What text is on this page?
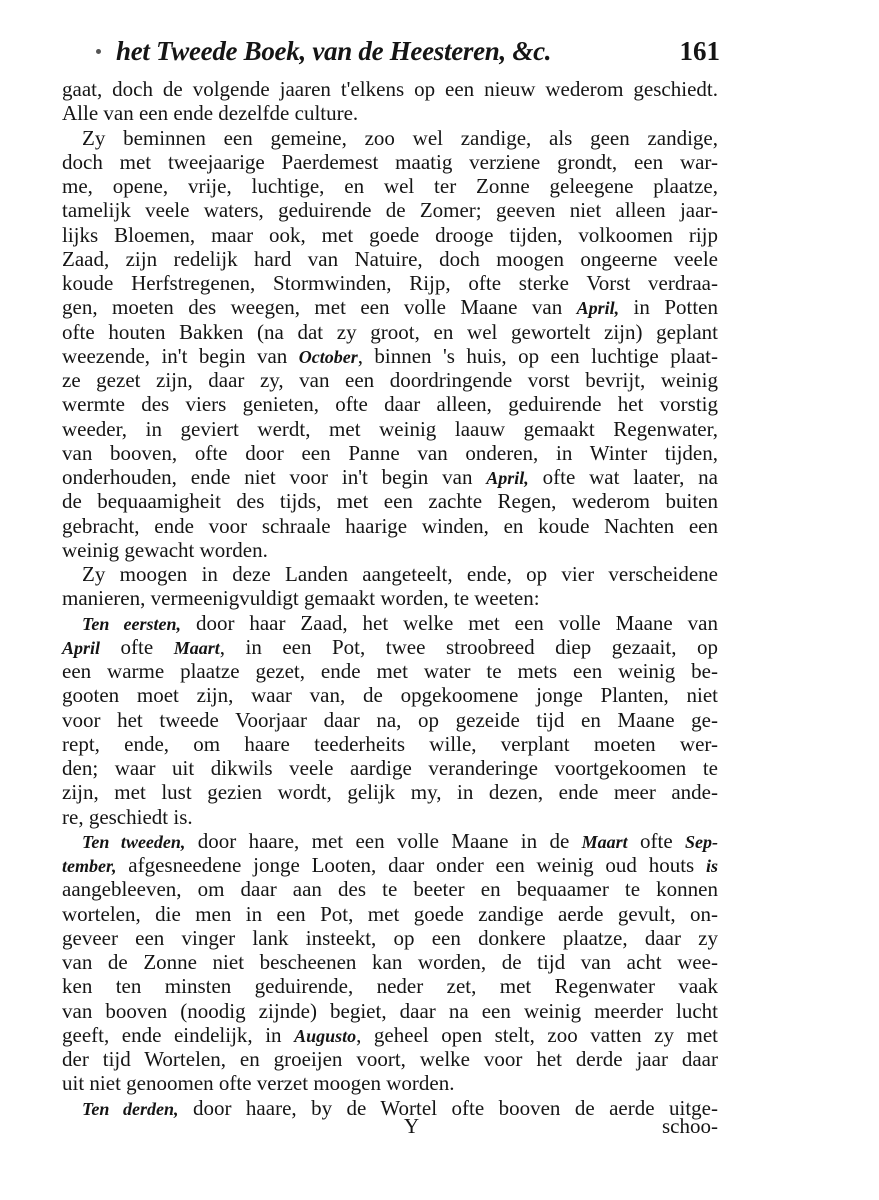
het Tweede Boek, van de Heesteren, &c.	161
gaat, doch de volgende jaaren t'elkens op een nieuw wederom geschiedt.
Alle van een ende dezelfde culture.
Zy beminnen een gemeine, zoo wel zandige, als geen zandige,
doch met tweejaarige Paerdemest maatig verziene grondt, een war-
me, opene, vrije, luchtige, en wel ter Zonne geleegene plaatze,
tamelijk veele waters, geduirende de Zomer; geeven niet alleen jaar-
lijks Bloemen, maar ook, met goede drooge tijden, volkoomen rijp
Zaad, zijn redelijk hard van Natuire, doch moogen ongeerne veele
koude Herfstregenen, Stormwinden, Rijp, ofte sterke Vorst verdraa-
gen, moeten des weegen, met een volle Maane van April, in Potten
ofte houten Bakken (na dat zy groot, en wel gewortelt zijn) geplant
weezende, in't begin van October, binnen 's huis, op een luchtige plaat-
ze gezet zijn, daar zy, van een doordringende vorst bevrijt, weinig
wermte des viers genieten, ofte daar alleen, geduirende het vorstig
weeder, in geviert werdt, met weinig laauw gemaakt Regenwater,
van booven, ofte door een Panne van onderen, in Winter tijden,
onderhouden, ende niet voor in't begin van April, ofte wat laater, na
de bequaamigheit des tijds, met een zachte Regen, wederom buiten
gebracht, ende voor schraale haarige winden, en koude Nachten een
weinig gewacht worden.
Zy moogen in deze Landen aangeteelt, ende, op vier verscheidene
manieren, vermeenigvuldigt gemaakt worden, te weeten:
Ten eersten, door haar Zaad, het welke met een volle Maane van
April ofte Maart, in een Pot, twee stroobreed diep gezaait, op
een warme plaatze gezet, ende met water te mets een weinig be-
gooten moet zijn, waar van, de opgekoomene jonge Planten, niet
voor het tweede Voorjaar daar na, op gezeide tijd en Maane ge-
rept, ende, om haare teederheits wille, verplant moeten wer-
den; waar uit dikwils veele aardige veranderinge voortgekoomen te
zijn, met lust gezien wordt, gelijk my, in dezen, ende meer ande-
re, geschiedt is.
Ten tweeden, door haare, met een volle Maane in de Maart ofte Sep-
tember, afgesneedene jonge Looten, daar onder een weinig oud houts is
aangebleeven, om daar aan des te beeter en bequaamer te konnen
wortelen, die men in een Pot, met goede zandige aerde gevult, on-
geveer een vinger lank insteekt, op een donkere plaatze, daar zy
van de Zonne niet bescheenen kan worden, de tijd van acht wee-
ken ten minsten geduirende, neder zet, met Regenwater vaak
van booven (noodig zijnde) begiet, daar na een weinig meerder lucht
geeft, ende eindelijk, in Augusto, geheel open stelt, zoo vatten zy met
der tijd Wortelen, en groeijen voort, welke voor het derde jaar daar
uit niet genoomen ofte verzet moogen worden.
Ten derden, door haare, by de Wortel ofte booven de aerde uitge-
Y	schoo-
